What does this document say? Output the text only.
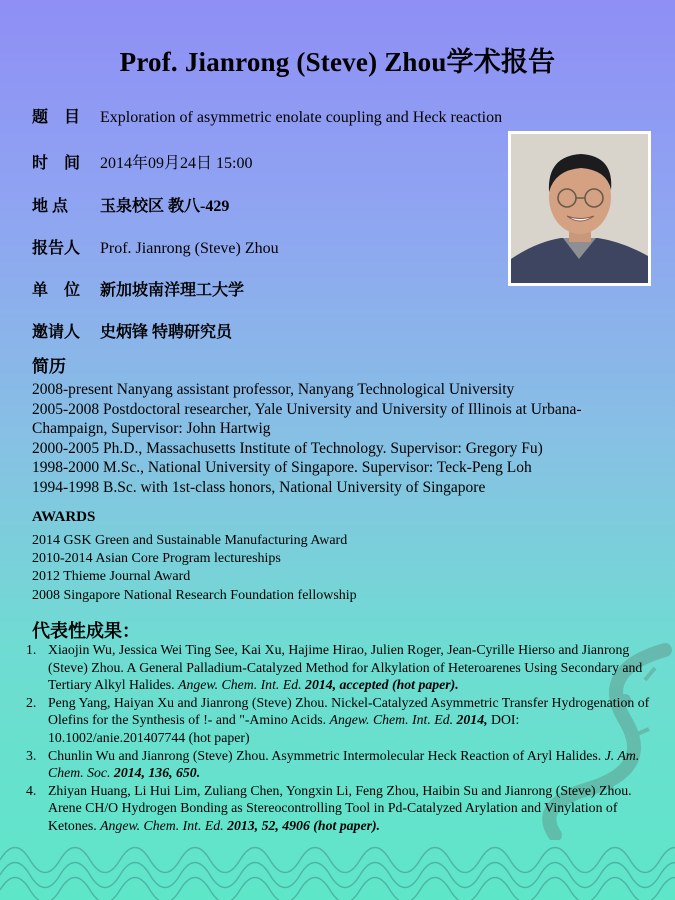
Prof. Jianrong (Steve) Zhou学术报告
题　目 Exploration of asymmetric enolate coupling and Heck reaction
时　间 2014年09月24日 15:00
地 点 玉泉校区 教八-429
报告人 Prof. Jianrong (Steve) Zhou
单　位 新加坡南洋理工大学
邀请人 史炳锋 特聘研究员
简历
2008-present Nanyang assistant professor, Nanyang Technological University
2005-2008 Postdoctoral researcher, Yale University and University of Illinois at Urbana-
Champaign, Supervisor: John Hartwig
2000-2005 Ph.D., Massachusetts Institute of Technology. Supervisor: Gregory Fu)
1998-2000 M.Sc., National University of Singapore. Supervisor: Teck-Peng Loh
1994-1998 B.Sc. with 1st-class honors, National University of Singapore
AWARDS
2014 GSK Green and Sustainable Manufacturing Award
2010-2014 Asian Core Program lectureships
2012 Thieme Journal Award
2008 Singapore National Research Foundation fellowship
代表性成果：
1. Xiaojin Wu, Jessica Wei Ting See, Kai Xu, Hajime Hirao, Julien Roger, Jean-Cyrille Hierso and Jianrong (Steve) Zhou. A General Palladium-Catalyzed Method for Alkylation of Heteroarenes Using Secondary and Tertiary Alkyl Halides. Angew. Chem. Int. Ed. 2014, accepted (hot paper).
2. Peng Yang, Haiyan Xu and Jianrong (Steve) Zhou. Nickel-Catalyzed Asymmetric Transfer Hydrogenation of Olefins for the Synthesis of !- and "-Amino Acids. Angew. Chem. Int. Ed. 2014, DOI: 10.1002/anie.201407744 (hot paper)
3. Chunlin Wu and Jianrong (Steve) Zhou. Asymmetric Intermolecular Heck Reaction of Aryl Halides. J. Am. Chem. Soc. 2014, 136, 650.
4. Zhiyan Huang, Li Hui Lim, Zuliang Chen, Yongxin Li, Feng Zhou, Haibin Su and Jianrong (Steve) Zhou. Arene CH/O Hydrogen Bonding as Stereocontrolling Tool in Pd-Catalyzed Arylation and Vinylation of Ketones. Angew. Chem. Int. Ed. 2013, 52, 4906 (hot paper).
